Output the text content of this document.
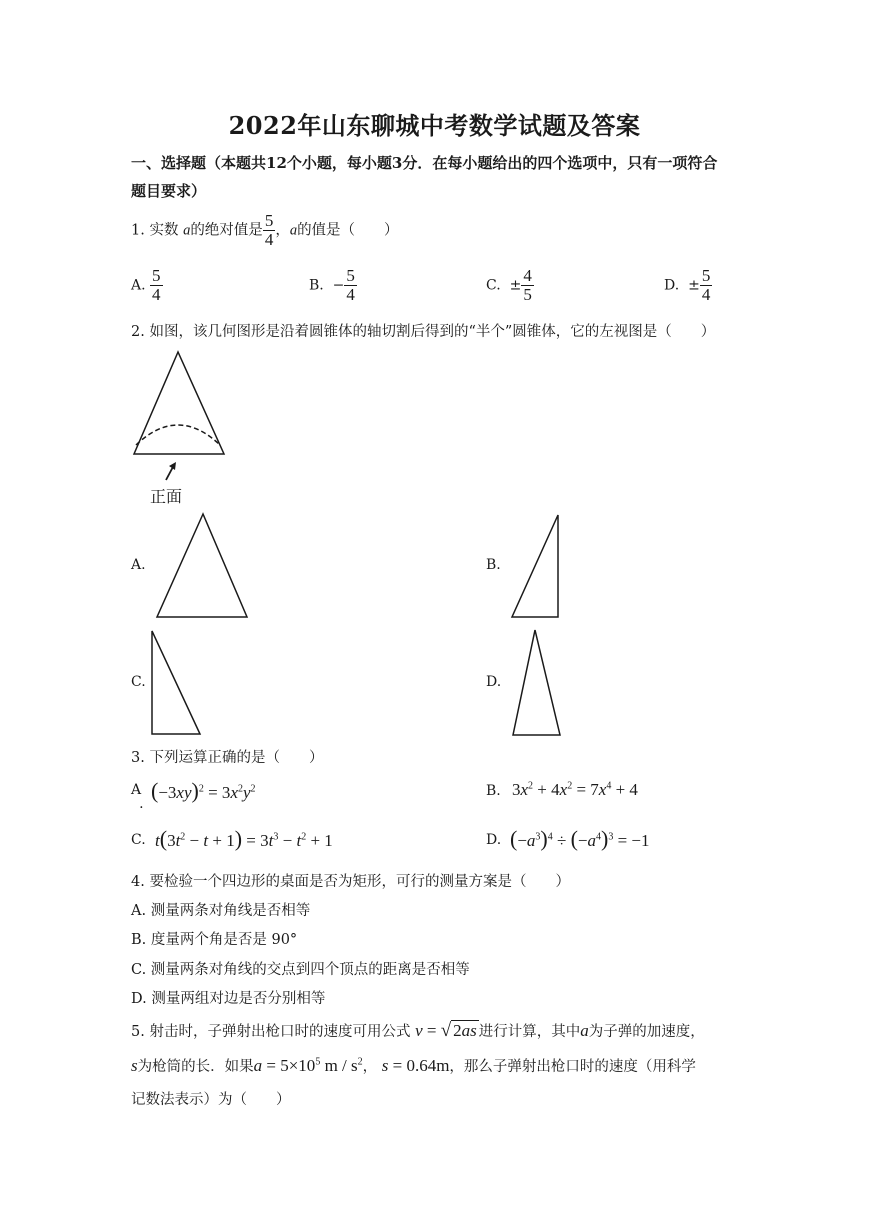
2022年山东聊城中考数学试题及答案
一、选择题（本题共12个小题，每小题3分．在每小题给出的四个选项中，只有一项符合
题目要求）
1. 实数 a的绝对值是 $\frac{5}{4}$ ，a的值是（　　）
A. $\frac{5}{4}$	B. − $\frac{5}{4}$	C. ± $\frac{4}{5}$	D. ± $\frac{5}{4}$
2. 如图，该几何图形是沿着圆锥体的轴切割后得到的“半个”圆锥体，它的左视图是（　　）
正面
A.	B.
C.	D.
3. 下列运算正确的是（　　）
A.
$(-3xy)^2 = 3x^2y^2$	B. $3x^2 + 4x^2 = 7x^4 + 4$
C. $t(3t^2 - t + 1) = 3t^3 - t^2 + 1$	D. $(-a^3)^4 \div (-a^4)^3 = -1$
4. 要检验一个四边形的桌面是否为矩形，可行的测量方案是（　　）
A. 测量两条对角线是否相等
B. 度量两个角是否是 90°
C. 测量两条对角线的交点到四个顶点的距离是否相等
D. 测量两组对边是否分别相等
5. 射击时，子弹射出枪口时的速度可用公式 v = √ 2as 进行计算，其中a为子弹的加速度，
s为枪筒的长．如果$a = 5\times 10^5$ m / $s^2$， s = 0.64m，那么子弹射出枪口时的速度（用科学
记数法表示）为（　　）
